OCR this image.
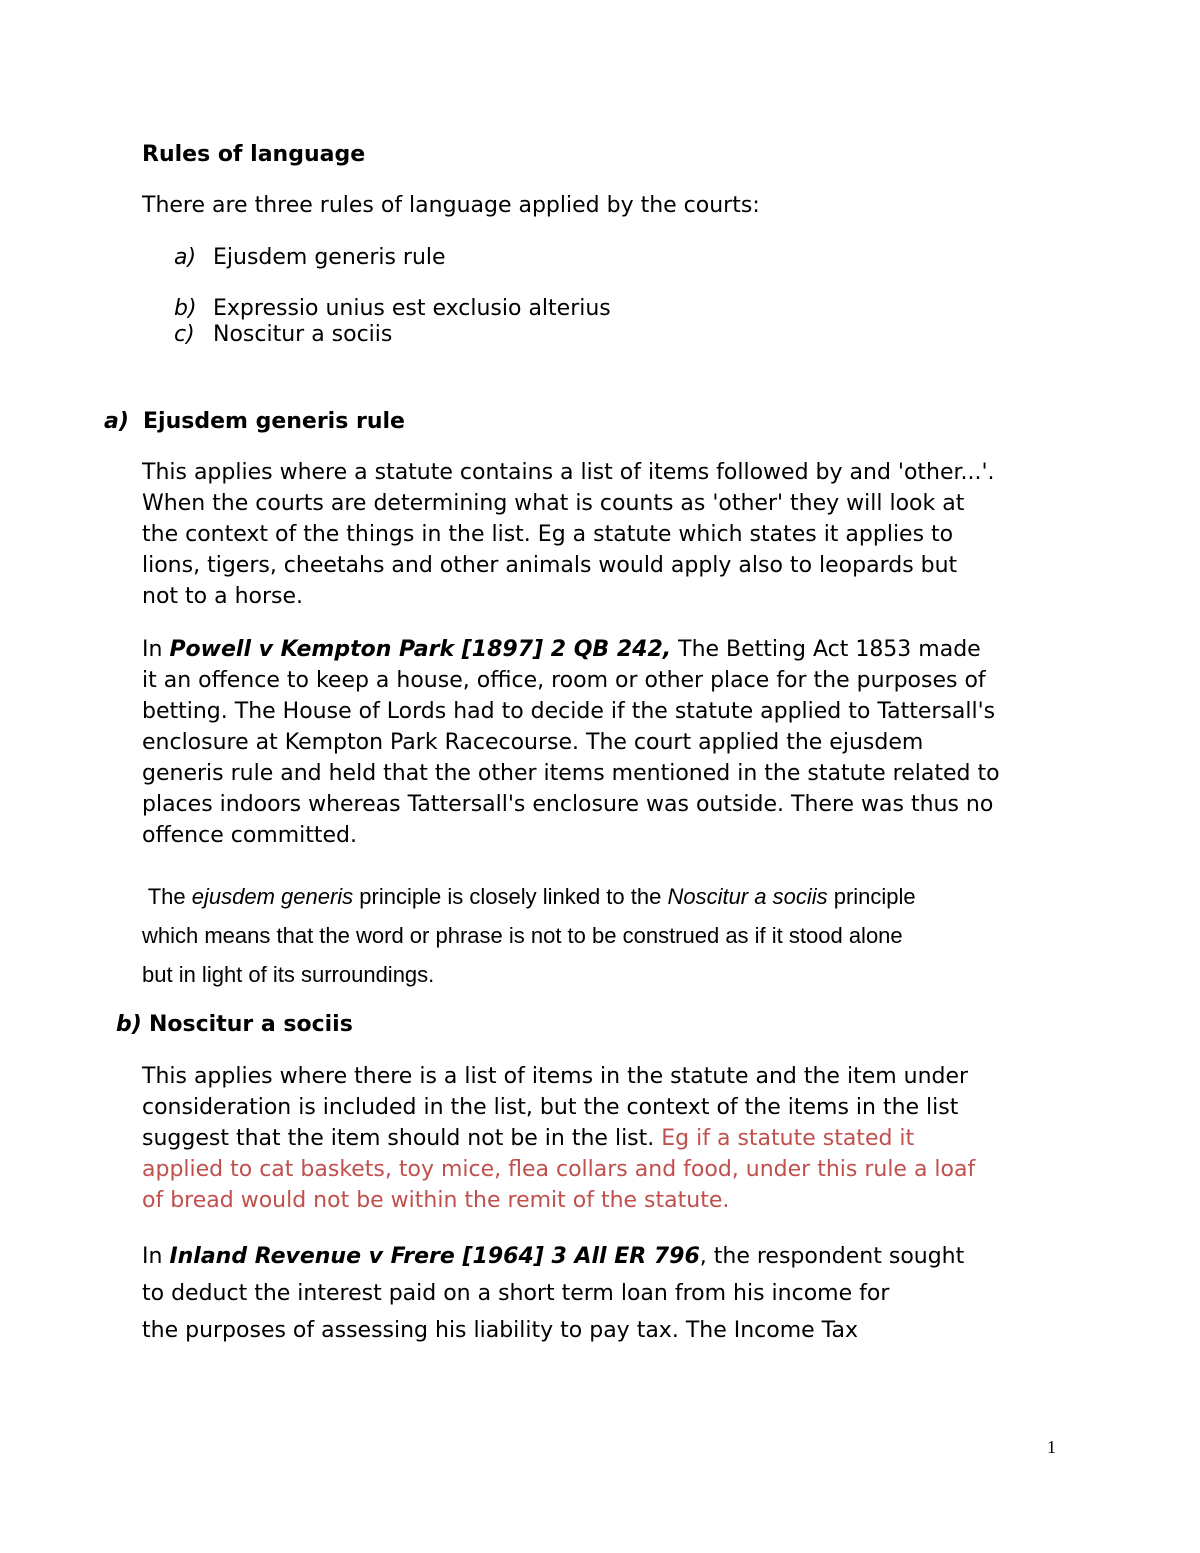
Rules of language
There are three rules of language applied by the courts:
a) Ejusdem generis rule
b) Expressio unius est exclusio alterius
c) Noscitur a sociis
a) Ejusdem generis rule
This applies where a statute contains a list of items followed by and 'other...'.
When the courts are determining what is counts as 'other' they will look at
the context of the things in the list. Eg a statute which states it applies to
lions, tigers, cheetahs and other animals would apply also to leopards but
not to a horse.
In Powell v Kempton Park [1897] 2 QB 242, The Betting Act 1853 made
it an offence to keep a house, office, room or other place for the purposes of
betting. The House of Lords had to decide if the statute applied to Tattersall's
enclosure at Kempton Park Racecourse. The court applied the ejusdem
generis rule and held that the other items mentioned in the statute related to
places indoors whereas Tattersall's enclosure was outside. There was thus no
offence committed.
The ejusdem generis principle is closely linked to the Noscitur a sociis principle
which means that the word or phrase is not to be construed as if it stood alone
but in light of its surroundings.
b) Noscitur a sociis
This applies where there is a list of items in the statute and the item under
consideration is included in the list, but the context of the items in the list
suggest that the item should not be in the list. Eg if a statute stated it
applied to cat baskets, toy mice, flea collars and food, under this rule a loaf
of bread would not be within the remit of the statute.
In Inland Revenue v Frere [1964] 3 All ER 796, the respondent sought
to deduct the interest paid on a short term loan from his income for
the purposes of assessing his liability to pay tax. The Income Tax
1
